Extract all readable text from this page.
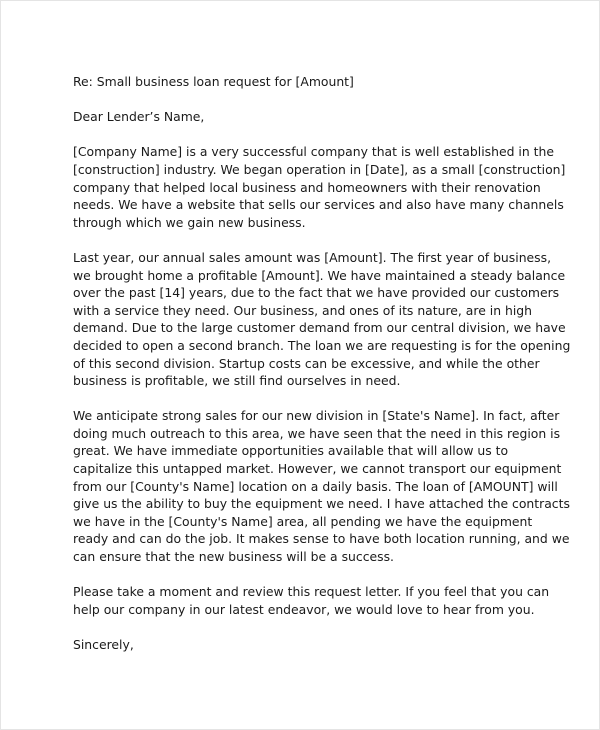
Re: Small business loan request for [Amount]

Dear Lender’s Name,

[Company Name] is a very successful company that is well established in the
[construction] industry. We began operation in [Date], as a small [construction]
company that helped local business and homeowners with their renovation
needs. We have a website that sells our services and also have many channels
through which we gain new business.
Last year, our annual sales amount was [Amount]. The first year of business,
we brought home a profitable [Amount]. We have maintained a steady balance
over the past [14] years, due to the fact that we have provided our customers
with a service they need. Our business, and ones of its nature, are in high
demand. Due to the large customer demand from our central division, we have
decided to open a second branch. The loan we are requesting is for the opening
of this second division. Startup costs can be excessive, and while the other
business is profitable, we still find ourselves in need.
We anticipate strong sales for our new division in [State's Name]. In fact, after
doing much outreach to this area, we have seen that the need in this region is
great. We have immediate opportunities available that will allow us to
capitalize this untapped market. However, we cannot transport our equipment
from our [County's Name] location on a daily basis. The loan of [AMOUNT] will
give us the ability to buy the equipment we need. I have attached the contracts
we have in the [County's Name] area, all pending we have the equipment
ready and can do the job. It makes sense to have both location running, and we
can ensure that the new business will be a success.
Please take a moment and review this request letter. If you feel that you can
help our company in our latest endeavor, we would love to hear from you.

Sincerely,
